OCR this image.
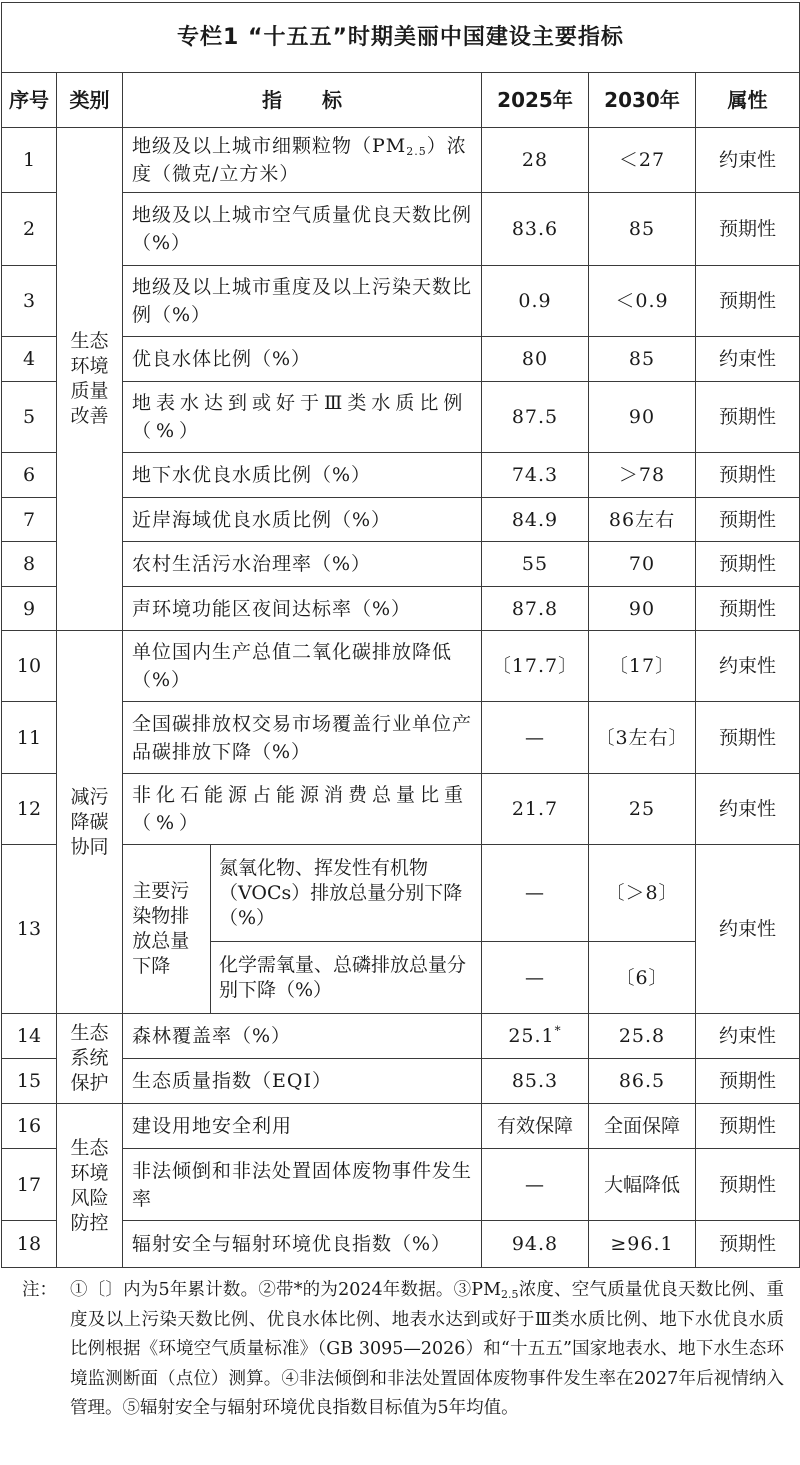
专栏1 “十五五”时期美丽中国建设主要指标						
序号	类别	指　　标		2025年	2030年	属性
1	生态环境质量改善	地级及以上城市细颗粒物$(PM_{2.5})$浓度（微克/立方米）		28	＜27	约束性
2		地级及以上城市空气质量优良天数比例（%）		83.6	85	预期性
3		地级及以上城市重度及以上污染天数比例（%）		0.9	＜0.9	预期性
4		优良水体比例（%）		80	85	约束性
5		地表水达到或好于Ⅲ类水质比例（%）		87.5	90	预期性
6		地下水优良水质比例（%）		74.3	＞78	预期性
7		近岸海域优良水质比例（%）		84.9	86左右	预期性
8		农村生活污水治理率（%）		55	70	预期性
9		声环境功能区夜间达标率（%）		87.8	90	预期性
10	减污降碳协同	单位国内生产总值二氧化碳排放降低（%）		〔17.7〕	〔17〕	约束性
11		全国碳排放权交易市场覆盖行业单位产品碳排放下降（%）		—	〔3左右〕	预期性
12		非化石能源占能源消费总量比重（%）		21.7	25	约束性
13		主要污染物排放总量下降	氮氧化物、挥发性有机物（VOCs）排放总量分别下降（%）	—	〔＞8〕	约束性
			化学需氧量、总磷排放总量分别下降（%）	—	〔6〕	
14	生态系统保护	森林覆盖率（%）		25.1*	25.8	约束性
15		生态质量指数（EQI）		85.3	86.5	预期性
16	生态环境风险防控	建设用地安全利用		有效保障	全面保障	预期性
17		非法倾倒和非法处置固体废物事件发生率		—	大幅降低	预期性
18		辐射安全与辐射环境优良指数（%）		94.8	≥96.1	预期性
注： ①〔〕内为5年累计数。②带*的为2024年数据。$③PM_{2.5}$浓度、空气质量优良天数比例、重度及以上污染天数比例、优良水体比例、地表水达到或好于Ⅲ类水质比例、地下水优良水质比例根据《环境空气质量标准》（GB 3095—2026）和“十五五”国家地表水、地下水生态环境监测断面（点位）测算。④非法倾倒和非法处置固体废物事件发生率在2027年后视情纳入管理。⑤辐射安全与辐射环境优良指数目标值为5年均值。
